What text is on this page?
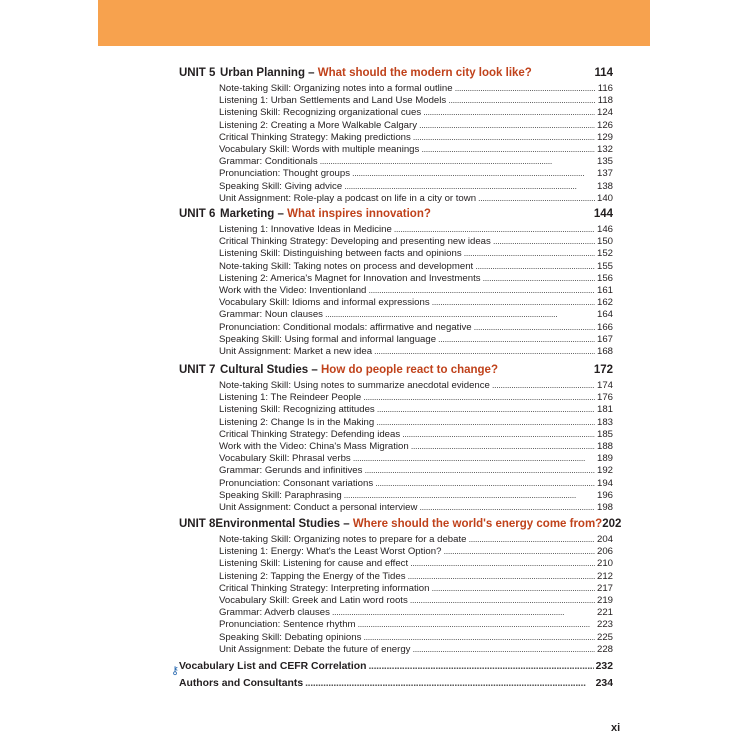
UNIT 5 Urban Planning – What should the modern city look like?	114
Note-taking Skill: Organizing notes into a formal outline . . .	116
Listening 1: Urban Settlements and Land Use Models . . .	118
Listening Skill: Recognizing organizational cues . . .	124
Listening 2: Creating a More Walkable Calgary . . .	126
Critical Thinking Strategy: Making predictions . . .	129
Vocabulary Skill: Words with multiple meanings . . .	132
Grammar: Conditionals . . .	135
Pronunciation: Thought groups . . .	137
Speaking Skill: Giving advice . . .	138
Unit Assignment: Role-play a podcast on life in a city or town . . .	140
UNIT 6 Marketing – What inspires innovation?	144
Listening 1: Innovative Ideas in Medicine . . .	146
Critical Thinking Strategy: Developing and presenting new ideas . . .	150
Listening Skill: Distinguishing between facts and opinions . . .	152
Note-taking Skill: Taking notes on process and development . . .	155
Listening 2: America's Magnet for Innovation and Investments . . .	156
Work with the Video: Inventionland . . .	161
Vocabulary Skill: Idioms and informal expressions . . .	162
Grammar: Noun clauses . . .	164
Pronunciation: Conditional modals: affirmative and negative . . .	166
Speaking Skill: Using formal and informal language . . .	167
Unit Assignment: Market a new idea . . .	168
UNIT 7 Cultural Studies – How do people react to change?	172
Note-taking Skill: Using notes to summarize anecdotal evidence . . .	174
Listening 1: The Reindeer People . . .	176
Listening Skill: Recognizing attitudes . . .	181
Listening 2: Change Is in the Making . . .	183
Critical Thinking Strategy: Defending ideas . . .	185
Work with the Video: China's Mass Migration . . .	188
Vocabulary Skill: Phrasal verbs . . .	189
Grammar: Gerunds and infinitives . . .	192
Pronunciation: Consonant variations . . .	194
Speaking Skill: Paraphrasing . . .	196
Unit Assignment: Conduct a personal interview . . .	198
UNIT 8 Environmental Studies – Where should the world's energy come from? 202
Note-taking Skill: Organizing notes to prepare for a debate . . .	204
Listening 1: Energy: What's the Least Worst Option? . . .	206
Listening Skill: Listening for cause and effect . . .	210
Listening 2: Tapping the Energy of the Tides . . .	212
Critical Thinking Strategy: Interpreting information . . .	217
Vocabulary Skill: Greek and Latin word roots . . .	219
Grammar: Adverb clauses . . .	221
Pronunciation: Sentence rhythm . . .	223
Speaking Skill: Debating opinions . . .	225
Unit Assignment: Debate the future of energy . . .	228
⚷ Vocabulary List and CEFR Correlation . . .	232
Authors and Consultants . . .	234
xi
